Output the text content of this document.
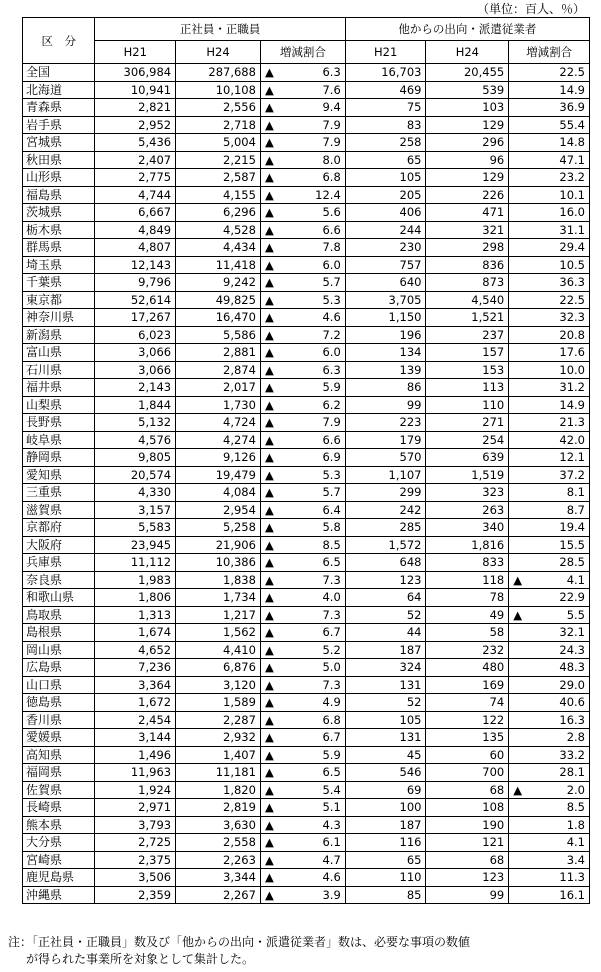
（単位：百人、％）
区　分	正社員・正職員			他からの出向・派遣従業者		
	H21	H24	増減割合	H21	H24	増減割合
全国	306,984	287,688	▲ 6.3	16,703	20,455	22.5
北海道	10,941	10,108	▲ 7.6	469	539	14.9
青森県	2,821	2,556	▲ 9.4	75	103	36.9
岩手県	2,952	2,718	▲ 7.9	83	129	55.4
宮城県	5,436	5,004	▲ 7.9	258	296	14.8
秋田県	2,407	2,215	▲ 8.0	65	96	47.1
山形県	2,775	2,587	▲ 6.8	105	129	23.2
福島県	4,744	4,155	▲ 12.4	205	226	10.1
茨城県	6,667	6,296	▲ 5.6	406	471	16.0
栃木県	4,849	4,528	▲ 6.6	244	321	31.1
群馬県	4,807	4,434	▲ 7.8	230	298	29.4
埼玉県	12,143	11,418	▲ 6.0	757	836	10.5
千葉県	9,796	9,242	▲ 5.7	640	873	36.3
東京都	52,614	49,825	▲ 5.3	3,705	4,540	22.5
神奈川県	17,267	16,470	▲ 4.6	1,150	1,521	32.3
新潟県	6,023	5,586	▲ 7.2	196	237	20.8
富山県	3,066	2,881	▲ 6.0	134	157	17.6
石川県	3,066	2,874	▲ 6.3	139	153	10.0
福井県	2,143	2,017	▲ 5.9	86	113	31.2
山梨県	1,844	1,730	▲ 6.2	99	110	14.9
長野県	5,132	4,724	▲ 7.9	223	271	21.3
岐阜県	4,576	4,274	▲ 6.6	179	254	42.0
静岡県	9,805	9,126	▲ 6.9	570	639	12.1
愛知県	20,574	19,479	▲ 5.3	1,107	1,519	37.2
三重県	4,330	4,084	▲ 5.7	299	323	8.1
滋賀県	3,157	2,954	▲ 6.4	242	263	8.7
京都府	5,583	5,258	▲ 5.8	285	340	19.4
大阪府	23,945	21,906	▲ 8.5	1,572	1,816	15.5
兵庫県	11,112	10,386	▲ 6.5	648	833	28.5
奈良県	1,983	1,838	▲ 7.3	123	118	▲ 4.1

和歌山県	1,806	1,734	▲ 4.0	64	78	22.9
鳥取県	1,313	1,217	▲ 7.3	52	49	▲ 5.5

島根県	1,674	1,562	▲ 6.7	44	58	32.1
岡山県	4,652	4,410	▲ 5.2	187	232	24.3
広島県	7,236	6,876	▲ 5.0	324	480	48.3
山口県	3,364	3,120	▲ 7.3	131	169	29.0
徳島県	1,672	1,589	▲ 4.9	52	74	40.6
香川県	2,454	2,287	▲ 6.8	105	122	16.3
愛媛県	3,144	2,932	▲ 6.7	131	135	2.8
高知県	1,496	1,407	▲ 5.9	45	60	33.2
福岡県	11,963	11,181	▲ 6.5	546	700	28.1
佐賀県	1,924	1,820	▲ 5.4	69	68	▲ 2.0

長崎県	2,971	2,819	▲ 5.1	100	108	8.5
熊本県	3,793	3,630	▲ 4.3	187	190	1.8
大分県	2,725	2,558	▲ 6.1	116	121	4.1
宮崎県	2,375	2,263	▲ 4.7	65	68	3.4
鹿児島県	3,506	3,344	▲ 4.6	110	123	11.3
沖縄県	2,359	2,267	▲ 3.9	85	99	16.1
注：「正社員・正職員」数及び「他からの出向・派遣従業者」数は、必要な事項の数値
が得られた事業所を対象として集計した。
